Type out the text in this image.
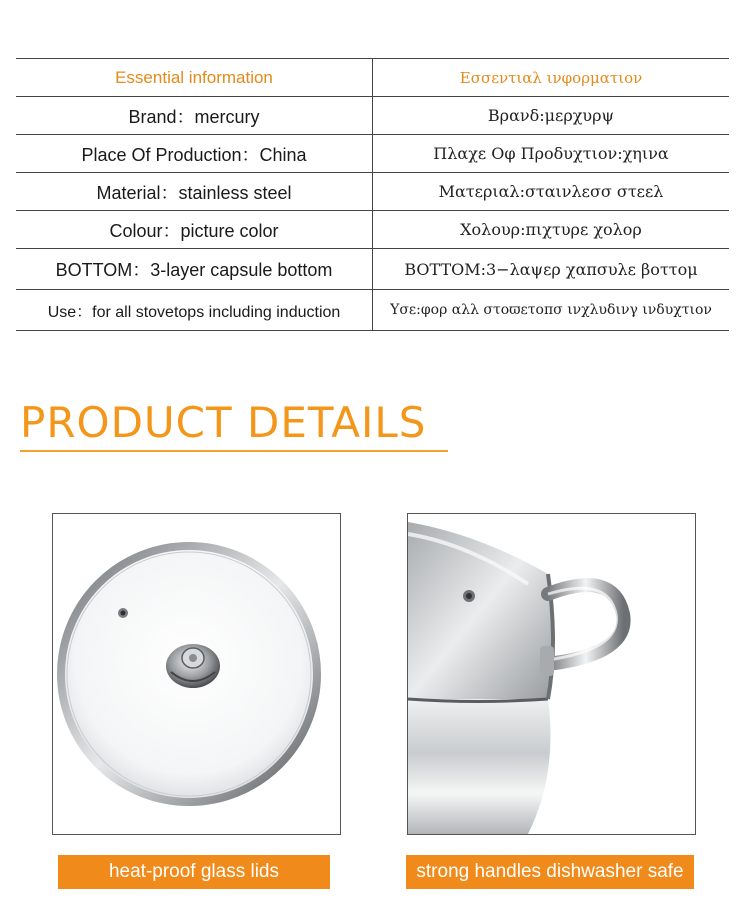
Essential information	Εσσεντιαλ ινφορματιον
Brand：mercury	Βρανδ:μερχυρψ
Place Of Production：China	Πλαχε Οφ Προδυχτιον:χηινα
Material：stainless steel	Ματεριαλ:σταινλεσσ στεελ
Colour：picture color	Χολουρ:πιχτυρε χολορ
BOTTOM：3-layer capsule bottom	BOTTOM:3−λαψερ χαπσυλε βοττομ
Use：for all stovetops including induction	Υσε:φορ αλλ στοϖετοπσ ινχλυδινγ ινδυχτιον
PRODUCT DETAILS
heat-proof glass lids	strong handles dishwasher safe
